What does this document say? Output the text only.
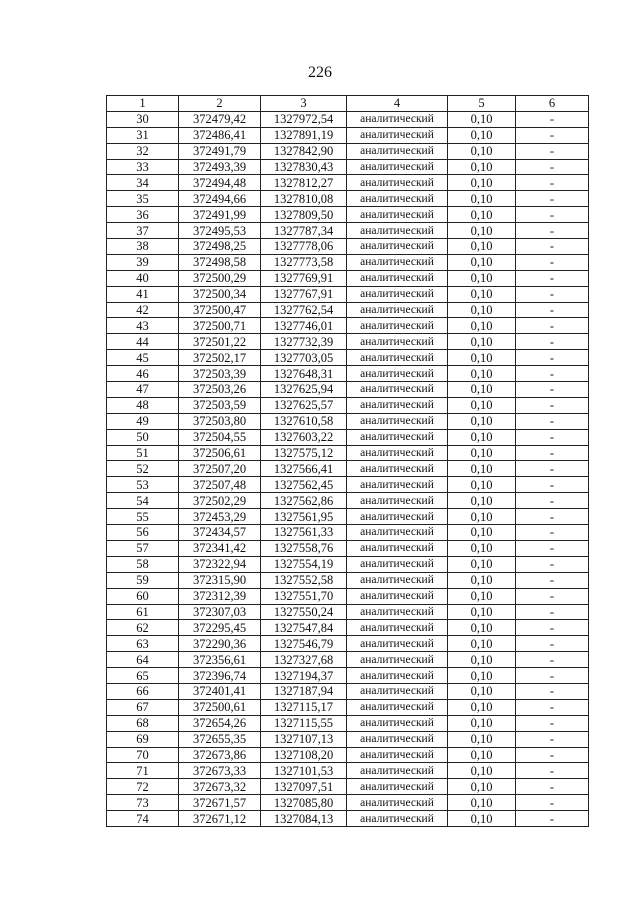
226
1	2	3	4	5	6
30	372479,42	1327972,54	аналитический	0,10	-
31	372486,41	1327891,19	аналитический	0,10	-
32	372491,79	1327842,90	аналитический	0,10	-
33	372493,39	1327830,43	аналитический	0,10	-
34	372494,48	1327812,27	аналитический	0,10	-
35	372494,66	1327810,08	аналитический	0,10	-
36	372491,99	1327809,50	аналитический	0,10	-
37	372495,53	1327787,34	аналитический	0,10	-
38	372498,25	1327778,06	аналитический	0,10	-
39	372498,58	1327773,58	аналитический	0,10	-
40	372500,29	1327769,91	аналитический	0,10	-
41	372500,34	1327767,91	аналитический	0,10	-
42	372500,47	1327762,54	аналитический	0,10	-
43	372500,71	1327746,01	аналитический	0,10	-
44	372501,22	1327732,39	аналитический	0,10	-
45	372502,17	1327703,05	аналитический	0,10	-
46	372503,39	1327648,31	аналитический	0,10	-
47	372503,26	1327625,94	аналитический	0,10	-
48	372503,59	1327625,57	аналитический	0,10	-
49	372503,80	1327610,58	аналитический	0,10	-
50	372504,55	1327603,22	аналитический	0,10	-
51	372506,61	1327575,12	аналитический	0,10	-
52	372507,20	1327566,41	аналитический	0,10	-
53	372507,48	1327562,45	аналитический	0,10	-
54	372502,29	1327562,86	аналитический	0,10	-
55	372453,29	1327561,95	аналитический	0,10	-
56	372434,57	1327561,33	аналитический	0,10	-
57	372341,42	1327558,76	аналитический	0,10	-
58	372322,94	1327554,19	аналитический	0,10	-
59	372315,90	1327552,58	аналитический	0,10	-
60	372312,39	1327551,70	аналитический	0,10	-
61	372307,03	1327550,24	аналитический	0,10	-
62	372295,45	1327547,84	аналитический	0,10	-
63	372290,36	1327546,79	аналитический	0,10	-
64	372356,61	1327327,68	аналитический	0,10	-
65	372396,74	1327194,37	аналитический	0,10	-
66	372401,41	1327187,94	аналитический	0,10	-
67	372500,61	1327115,17	аналитический	0,10	-
68	372654,26	1327115,55	аналитический	0,10	-
69	372655,35	1327107,13	аналитический	0,10	-
70	372673,86	1327108,20	аналитический	0,10	-
71	372673,33	1327101,53	аналитический	0,10	-
72	372673,32	1327097,51	аналитический	0,10	-
73	372671,57	1327085,80	аналитический	0,10	-
74	372671,12	1327084,13	аналитический	0,10	-
